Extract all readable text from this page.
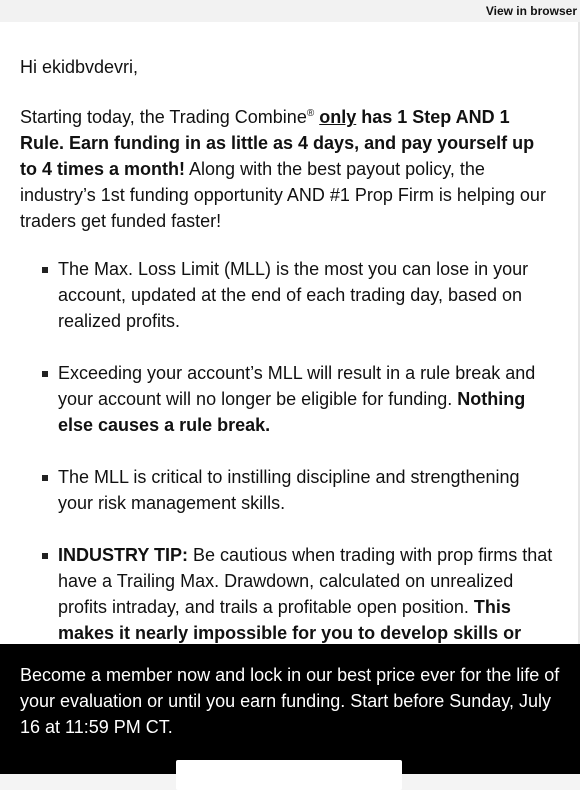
View in browser

Hi ekidbvdevri,

Starting today, the Trading Combine® only has 1 Step AND 1 Rule. Earn funding in as little as 4 days, and pay yourself up to 4 times a month! Along with the best payout policy, the industry’s 1st funding opportunity AND #1 Prop Firm is helping our traders get funded faster!

The Max. Loss Limit (MLL) is the most you can lose in your account, updated at the end of each trading day, based on realized profits.
Exceeding your account’s MLL will result in a rule break and your account will no longer be eligible for funding. Nothing else causes a rule break.
The MLL is critical to instilling discipline and strengthening your risk management skills.
INDUSTRY TIP: Be cautious when trading with prop firms that have a Trailing Max. Drawdown, calculated on unrealized profits intraday, and trails a profitable open position. This makes it nearly impossible for you to develop skills or

Become a member now and lock in our best price ever for the life of your evaluation or until you earn funding. Start before Sunday, July 16 at 11:59 PM CT.
